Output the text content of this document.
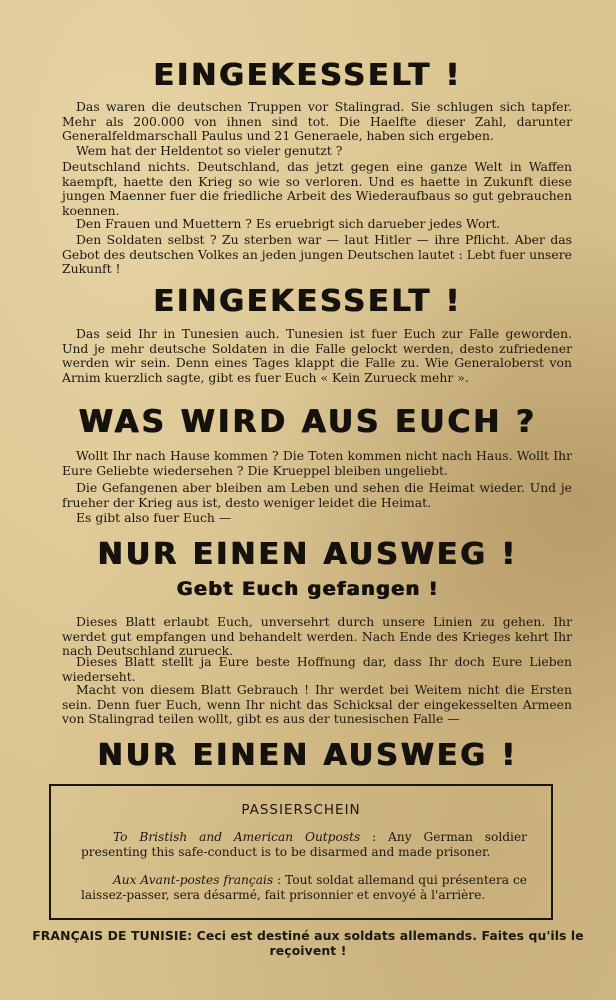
EINGEKESSELT !

Das waren die deutschen Truppen vor Stalingrad. Sie schlugen sich tapfer. Mehr als 200.000 von ihnen sind tot. Die Haelfte dieser Zahl, darunter Generalfeldmarschall Paulus und 21 Generaele, haben sich ergeben.

Wem hat der Heldentot so vieler genutzt ?

Deutschland nichts. Deutschland, das jetzt gegen eine ganze Welt in Waffen kaempft, haette den Krieg so wie so verloren. Und es haette in Zukunft diese jungen Maenner fuer die friedliche Arbeit des Wiederaufbaus so gut gebrauchen koennen.

Den Frauen und Muettern ? Es eruebrigt sich darueber jedes Wort.

Den Soldaten selbst ? Zu sterben war — laut Hitler — ihre Pflicht. Aber das Gebot des deutschen Volkes an jeden jungen Deutschen lautet : Lebt fuer unsere Zukunft !

EINGEKESSELT !

Das seid Ihr in Tunesien auch. Tunesien ist fuer Euch zur Falle geworden. Und je mehr deutsche Soldaten in die Falle gelockt werden, desto zufriedener werden wir sein. Denn eines Tages klappt die Falle zu. Wie Generaloberst von Arnim kuerzlich sagte, gibt es fuer Euch « Kein Zurueck mehr ».

WAS WIRD AUS EUCH ?

Wollt Ihr nach Hause kommen ? Die Toten kommen nicht nach Haus. Wollt Ihr Eure Geliebte wiedersehen ? Die Krueppel bleiben ungeliebt.

Die Gefangenen aber bleiben am Leben und sehen die Heimat wieder. Und je frueher der Krieg aus ist, desto weniger leidet die Heimat.

Es gibt also fuer Euch —

NUR EINEN AUSWEG !
Gebt Euch gefangen !

Dieses Blatt erlaubt Euch, unversehrt durch unsere Linien zu gehen. Ihr werdet gut empfangen und behandelt werden. Nach Ende des Krieges kehrt Ihr nach Deutschland zurueck.

Dieses Blatt stellt ja Eure beste Hoffnung dar, dass Ihr doch Eure Lieben wiederseht.

Macht von diesem Blatt Gebrauch ! Ihr werdet bei Weitem nicht die Ersten sein. Denn fuer Euch, wenn Ihr nicht das Schicksal der eingekesselten Armeen von Stalingrad teilen wollt, gibt es aus der tunesischen Falle —

NUR EINEN AUSWEG !
PASSIERSCHEIN

To Bristish and American Outposts : Any German soldier presenting this safe-conduct is to be disarmed and made prisoner.

Aux Avant-postes français : Tout soldat allemand qui présentera ce laissez-passer, sera désarmé, fait prisonnier et envoyé à l'arrière.

FRANÇAIS DE TUNISIE: Ceci est destiné aux soldats allemands. Faites qu'ils le reçoivent !
